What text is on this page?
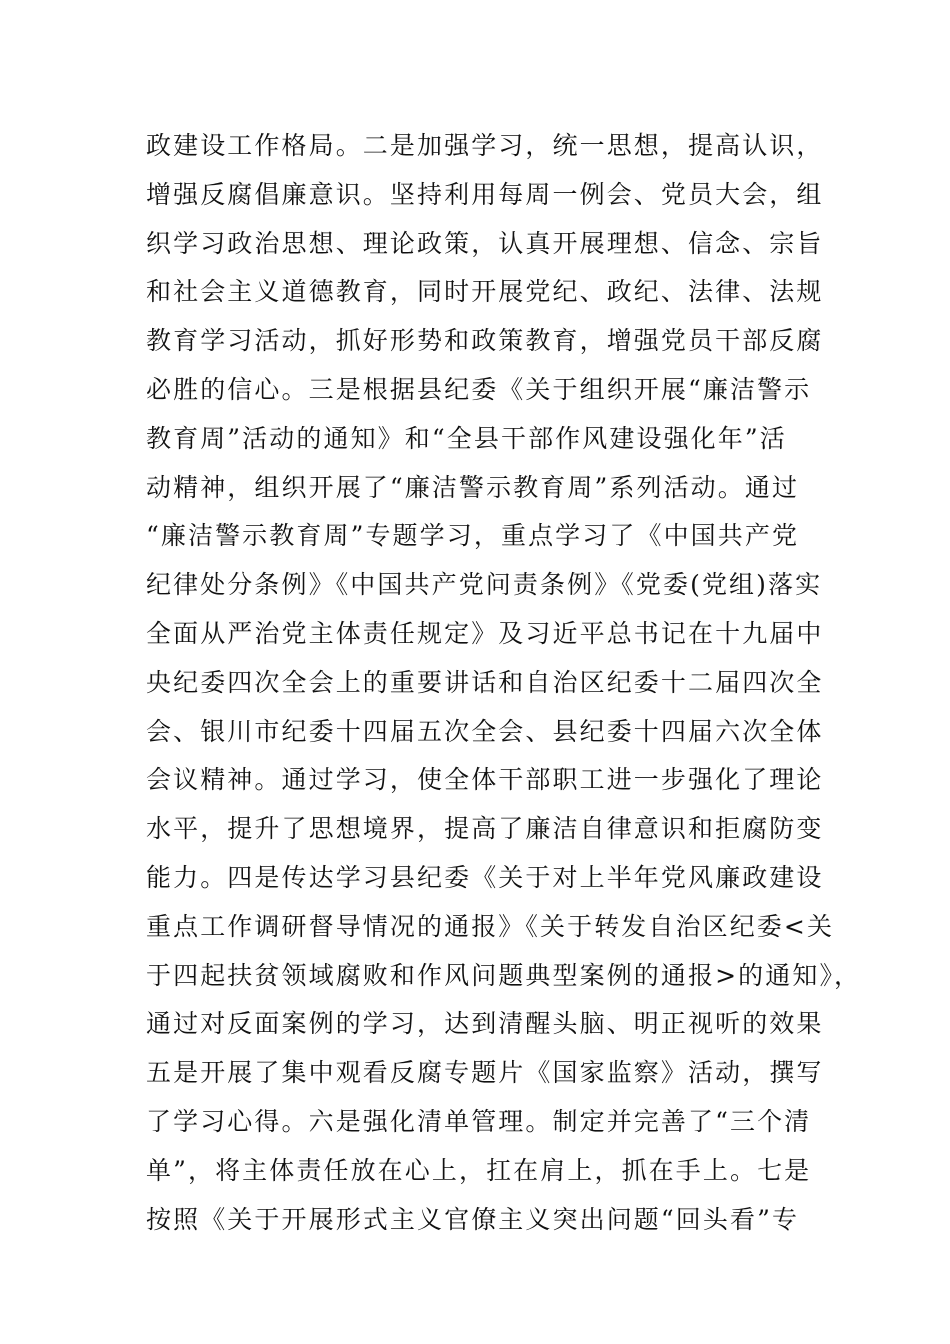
政建设工作格局。二是加强学习，统一思想，提高认识，
增强反腐倡廉意识。坚持利用每周一例会、党员大会，组
织学习政治思想、理论政策，认真开展理想、信念、宗旨
和社会主义道德教育，同时开展党纪、政纪、法律、法规
教育学习活动，抓好形势和政策教育，增强党员干部反腐
必胜的信心。三是根据县纪委《关于组织开展“廉洁警示
教育周”活动的通知》和“全县干部作风建设强化年”活
动精神，组织开展了“廉洁警示教育周”系列活动。通过
“廉洁警示教育周”专题学习，重点学习了《中国共产党
纪律处分条例》《中国共产党问责条例》《党委(党组)落实
全面从严治党主体责任规定》及习近平总书记在十九届中
央纪委四次全会上的重要讲话和自治区纪委十二届四次全
会、银川市纪委十四届五次全会、县纪委十四届六次全体
会议精神。通过学习，使全体干部职工进一步强化了理论
水平，提升了思想境界，提高了廉洁自律意识和拒腐防变
能力。四是传达学习县纪委《关于对上半年党风廉政建设
重点工作调研督导情况的通报》《关于转发自治区纪委<关
于四起扶贫领域腐败和作风问题典型案例的通报>的通知》，
通过对反面案例的学习，达到清醒头脑、明正视听的效果
五是开展了集中观看反腐专题片《国家监察》活动，撰写
了学习心得。六是强化清单管理。制定并完善了“三个清
单”，将主体责任放在心上，扛在肩上，抓在手上。七是
按照《关于开展形式主义官僚主义突出问题“回头看”专
